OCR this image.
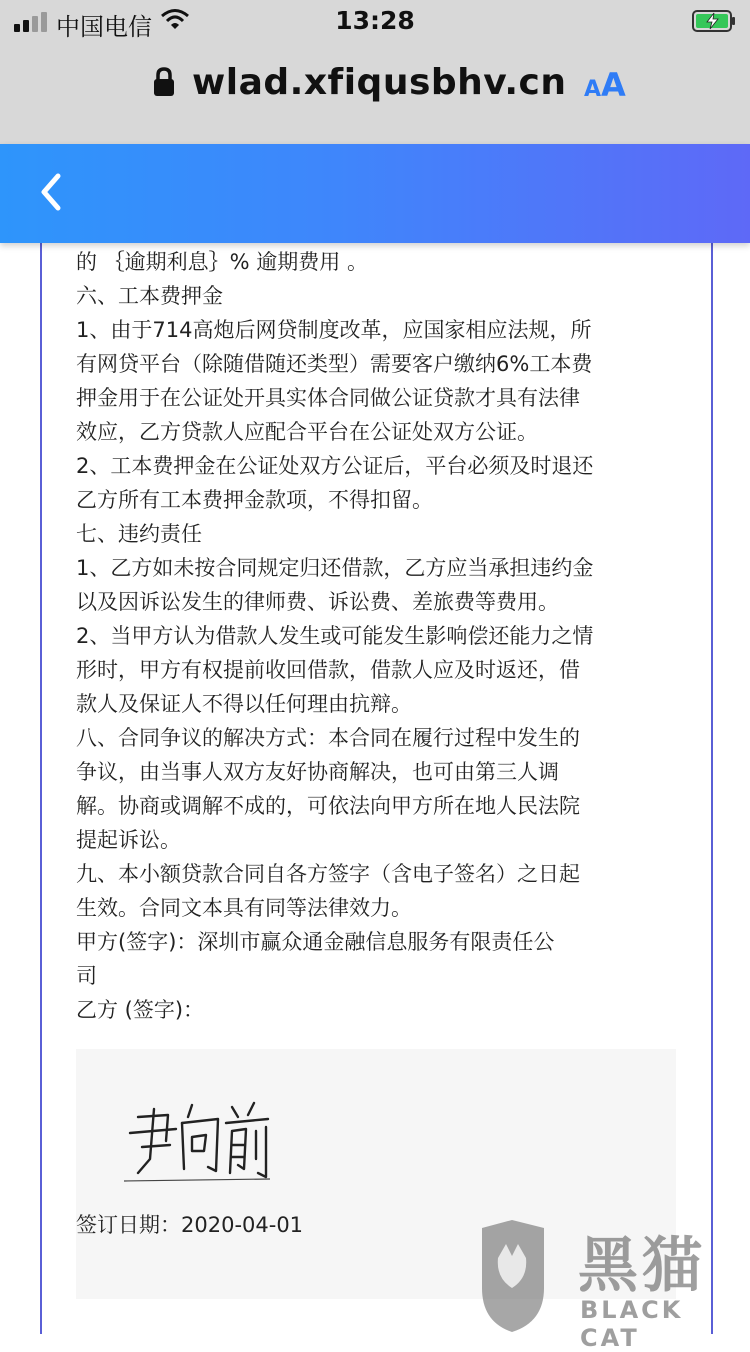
中国电信	13:28
wlad.xfiqusbhv.cn AA

的 ｛逾期利息｝% 逾期费用 。

六、工本费押金

1、由于714高炮后网贷制度改革，应国家相应法规，所

有网贷平台（除随借随还类型）需要客户缴纳6%工本费

押金用于在公证处开具实体合同做公证贷款才具有法律

效应，乙方贷款人应配合平台在公证处双方公证。

2、工本费押金在公证处双方公证后，平台必须及时退还

乙方所有工本费押金款项，不得扣留。

七、违约责任

1、乙方如未按合同规定归还借款，乙方应当承担违约金

以及因诉讼发生的律师费、诉讼费、差旅费等费用。

2、当甲方认为借款人发生或可能发生影响偿还能力之情

形时，甲方有权提前收回借款，借款人应及时返还，借

款人及保证人不得以任何理由抗辩。

八、合同争议的解决方式：本合同在履行过程中发生的

争议，由当事人双方友好协商解决，也可由第三人调

解。协商或调解不成的，可依法向甲方所在地人民法院

提起诉讼。

九、本小额贷款合同自各方签字（含电子签名）之日起

生效。合同文本具有同等法律效力。

甲方(签字)：深圳市赢众通金融信息服务有限责任公

司

乙方 (签字)：

签订日期：2020-04-01
黑猫
BLACK CAT
